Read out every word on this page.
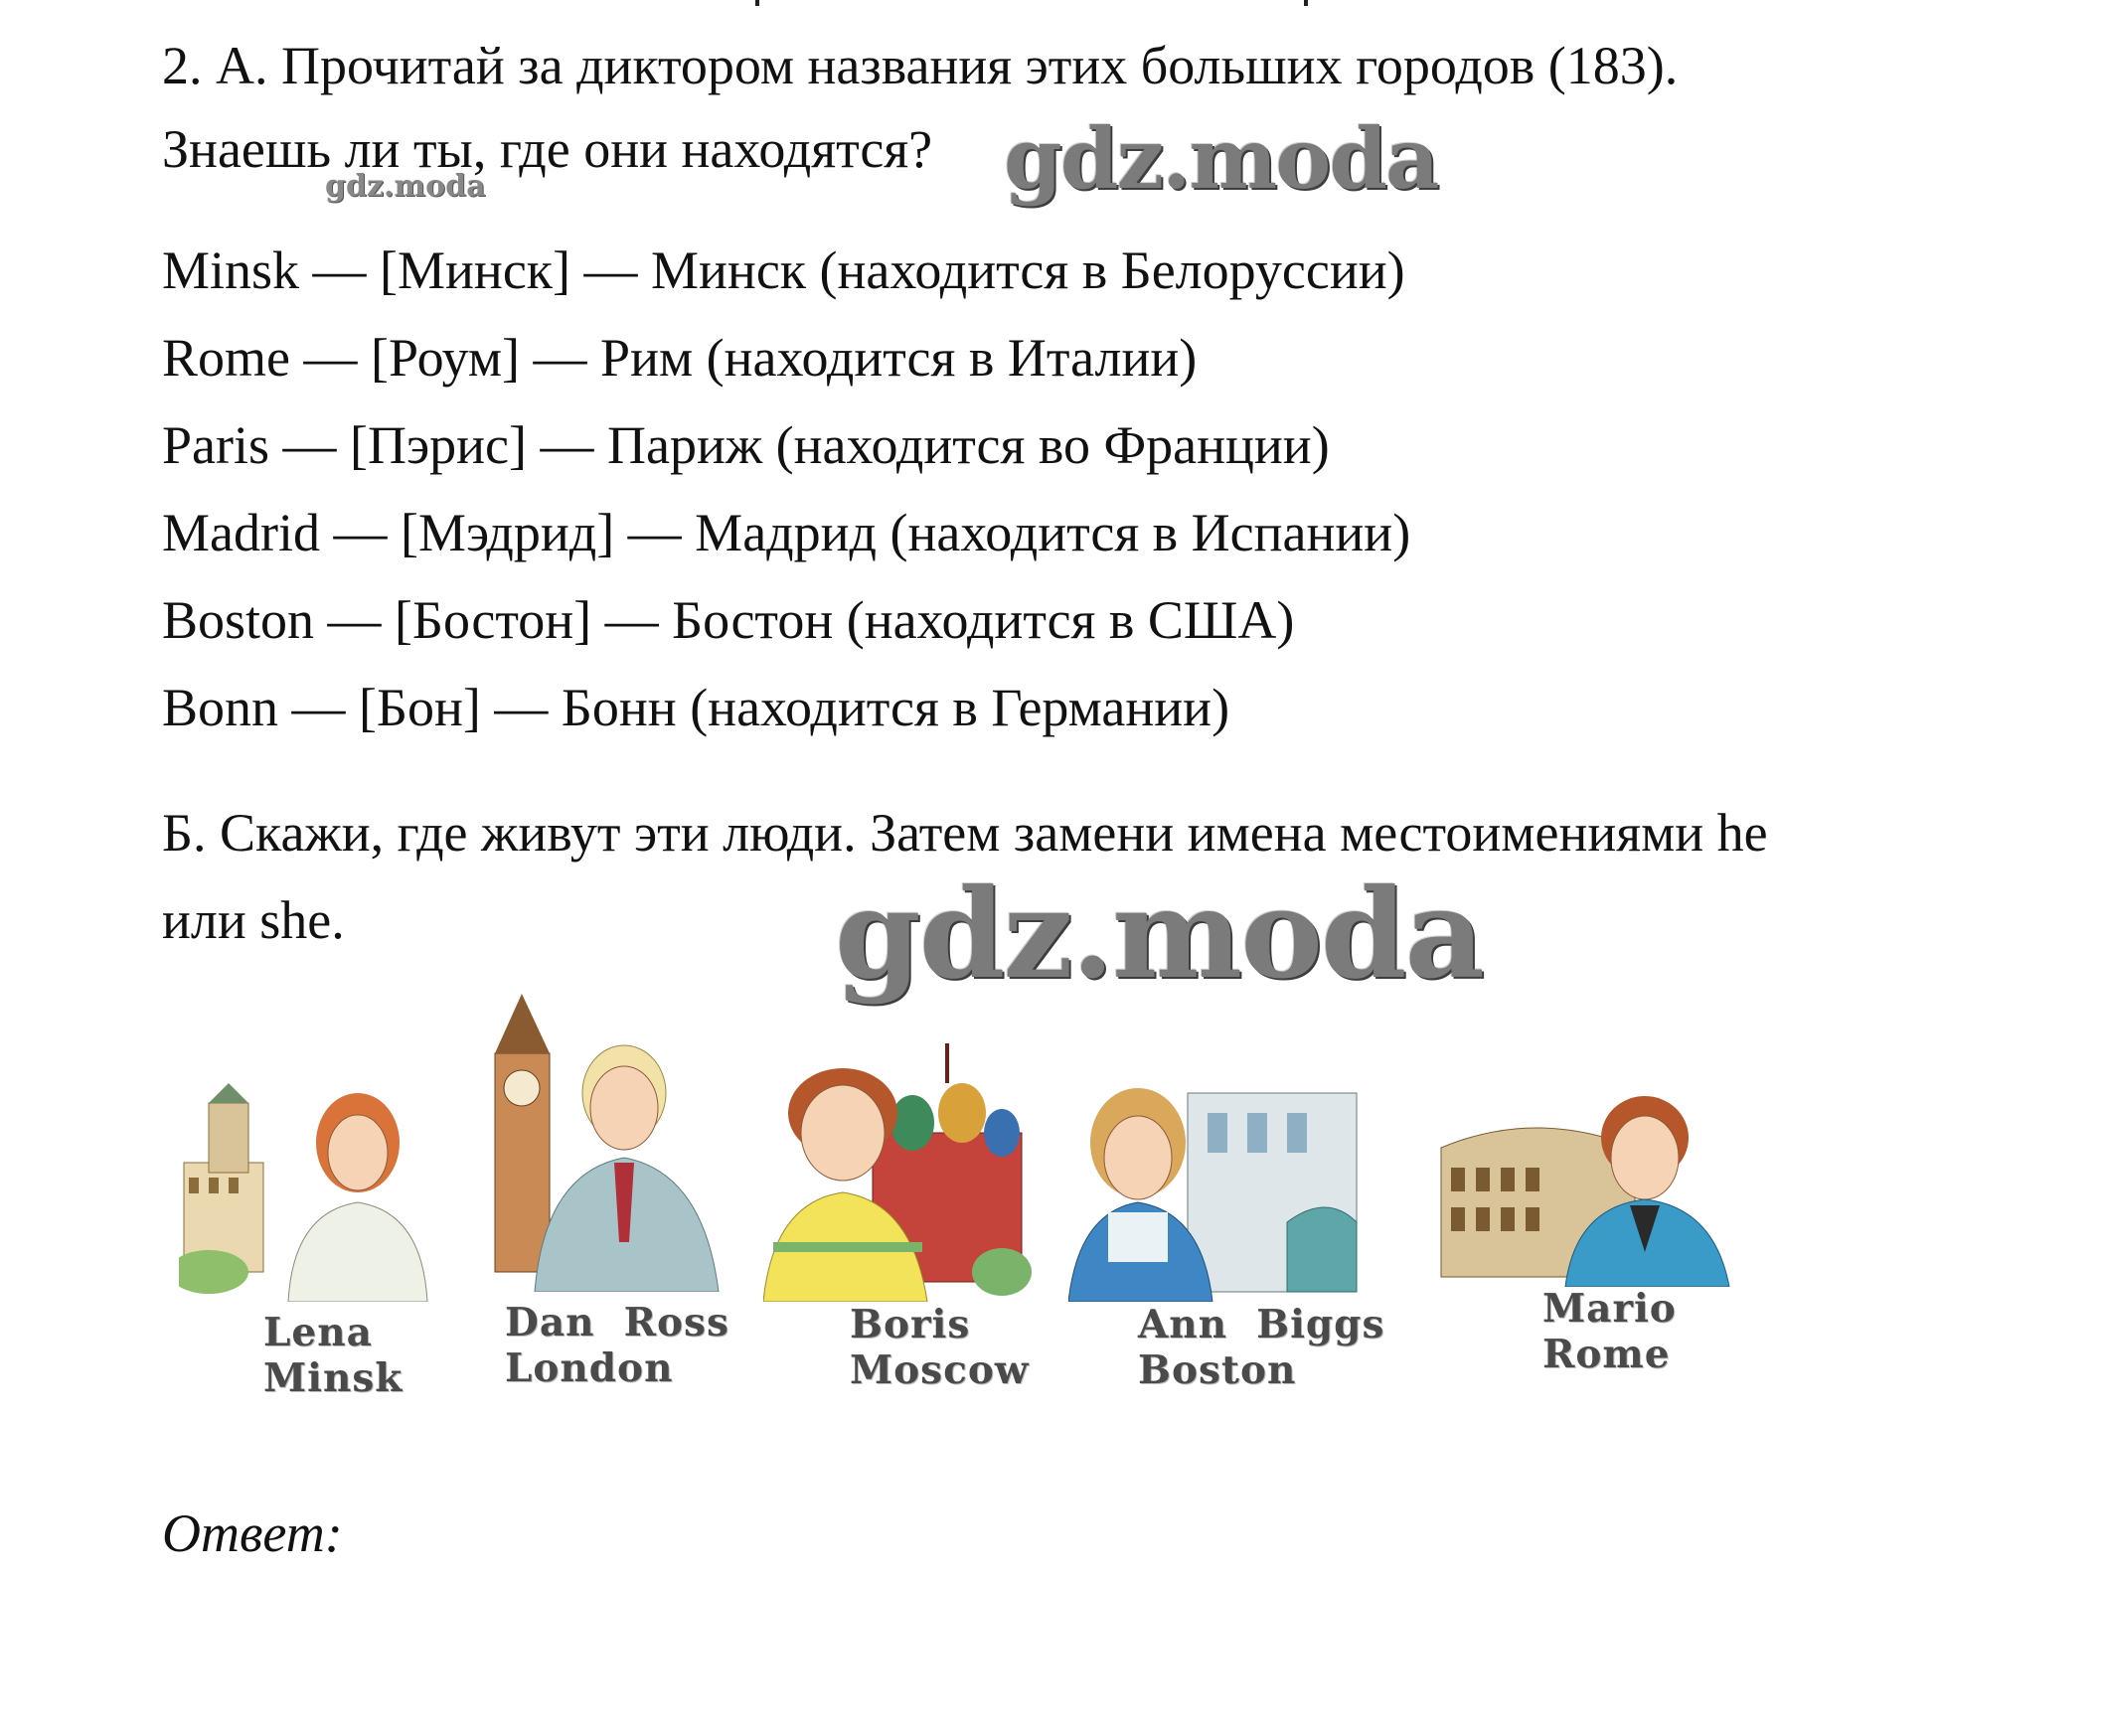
2. А. Прочитай за диктором названия этих больших городов (183).
Знаешь ли ты, где они находятся? gdz.moda
gdz.moda
Minsk — [Минск] — Минск (находится в Белоруссии)
Rome — [Роум] — Рим (находится в Италии)
Paris — [Пэрис] — Париж (находится во Франции)
Madrid — [Мэдрид] — Мадрид (находится в Испании)
Boston — [Бостон] — Бостон (находится в США)
Bonn — [Бон] — Бонн (находится в Германии)
Б. Скажи, где живут эти люди. Затем замени имена местоимениями he
или she.	gdz.moda
Lena
Minsk
Dan  Ross
London
Boris
Moscow
Ann  Biggs
Boston
Mario
Rome
Ответ:
